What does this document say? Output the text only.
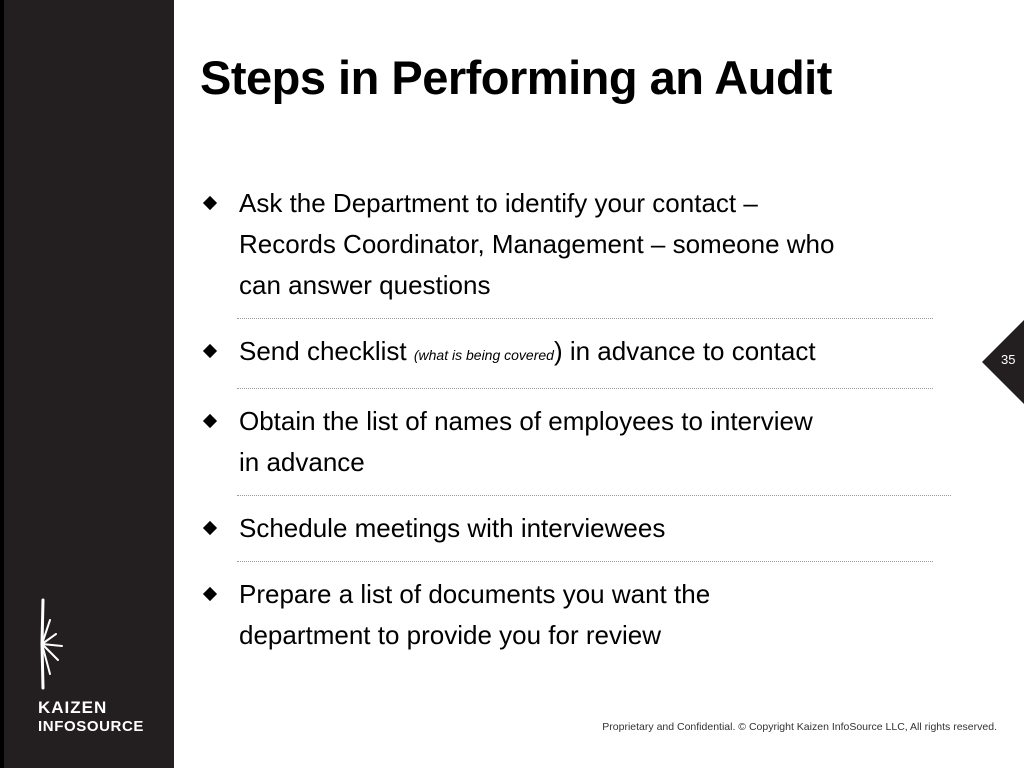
KAIZEN
INFOSOURCE
Steps in Performing an Audit
Ask the Department to identify your contact –
Records Coordinator, Management – someone who
can answer questions
Send checklist (what is being covered) in advance to contact
Obtain the list of names of employees to interview
in advance
Schedule meetings with interviewees
Prepare a list of documents you want the
department to provide you for review
35
Proprietary and Confidential. © Copyright Kaizen InfoSource LLC, All rights reserved.
